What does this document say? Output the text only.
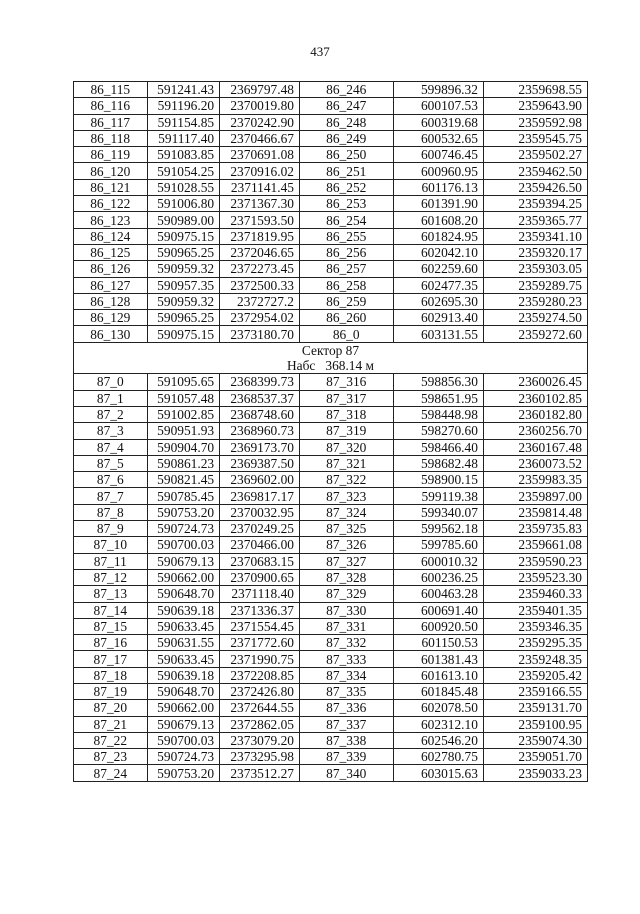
437
86_115	591241.43	2369797.48	86_246	599896.32	2359698.55
86_116	591196.20	2370019.80	86_247	600107.53	2359643.90
86_117	591154.85	2370242.90	86_248	600319.68	2359592.98
86_118	591117.40	2370466.67	86_249	600532.65	2359545.75
86_119	591083.85	2370691.08	86_250	600746.45	2359502.27
86_120	591054.25	2370916.02	86_251	600960.95	2359462.50
86_121	591028.55	2371141.45	86_252	601176.13	2359426.50
86_122	591006.80	2371367.30	86_253	601391.90	2359394.25
86_123	590989.00	2371593.50	86_254	601608.20	2359365.77
86_124	590975.15	2371819.95	86_255	601824.95	2359341.10
86_125	590965.25	2372046.65	86_256	602042.10	2359320.17
86_126	590959.32	2372273.45	86_257	602259.60	2359303.05
86_127	590957.35	2372500.33	86_258	602477.35	2359289.75
86_128	590959.32	2372727.2	86_259	602695.30	2359280.23
86_129	590965.25	2372954.02	86_260	602913.40	2359274.50
86_130	590975.15	2373180.70	86_0	603131.55	2359272.60
Сектор 87					
Набс 368.14 м					
87_0	591095.65	2368399.73	87_316	598856.30	2360026.45
87_1	591057.48	2368537.37	87_317	598651.95	2360102.85
87_2	591002.85	2368748.60	87_318	598448.98	2360182.80
87_3	590951.93	2368960.73	87_319	598270.60	2360256.70
87_4	590904.70	2369173.70	87_320	598466.40	2360167.48
87_5	590861.23	2369387.50	87_321	598682.48	2360073.52
87_6	590821.45	2369602.00	87_322	598900.15	2359983.35
87_7	590785.45	2369817.17	87_323	599119.38	2359897.00
87_8	590753.20	2370032.95	87_324	599340.07	2359814.48
87_9	590724.73	2370249.25	87_325	599562.18	2359735.83
87_10	590700.03	2370466.00	87_326	599785.60	2359661.08
87_11	590679.13	2370683.15	87_327	600010.32	2359590.23
87_12	590662.00	2370900.65	87_328	600236.25	2359523.30
87_13	590648.70	2371118.40	87_329	600463.28	2359460.33
87_14	590639.18	2371336.37	87_330	600691.40	2359401.35
87_15	590633.45	2371554.45	87_331	600920.50	2359346.35
87_16	590631.55	2371772.60	87_332	601150.53	2359295.35
87_17	590633.45	2371990.75	87_333	601381.43	2359248.35
87_18	590639.18	2372208.85	87_334	601613.10	2359205.42
87_19	590648.70	2372426.80	87_335	601845.48	2359166.55
87_20	590662.00	2372644.55	87_336	602078.50	2359131.70
87_21	590679.13	2372862.05	87_337	602312.10	2359100.95
87_22	590700.03	2373079.20	87_338	602546.20	2359074.30
87_23	590724.73	2373295.98	87_339	602780.75	2359051.70
87_24	590753.20	2373512.27	87_340	603015.63	2359033.23
